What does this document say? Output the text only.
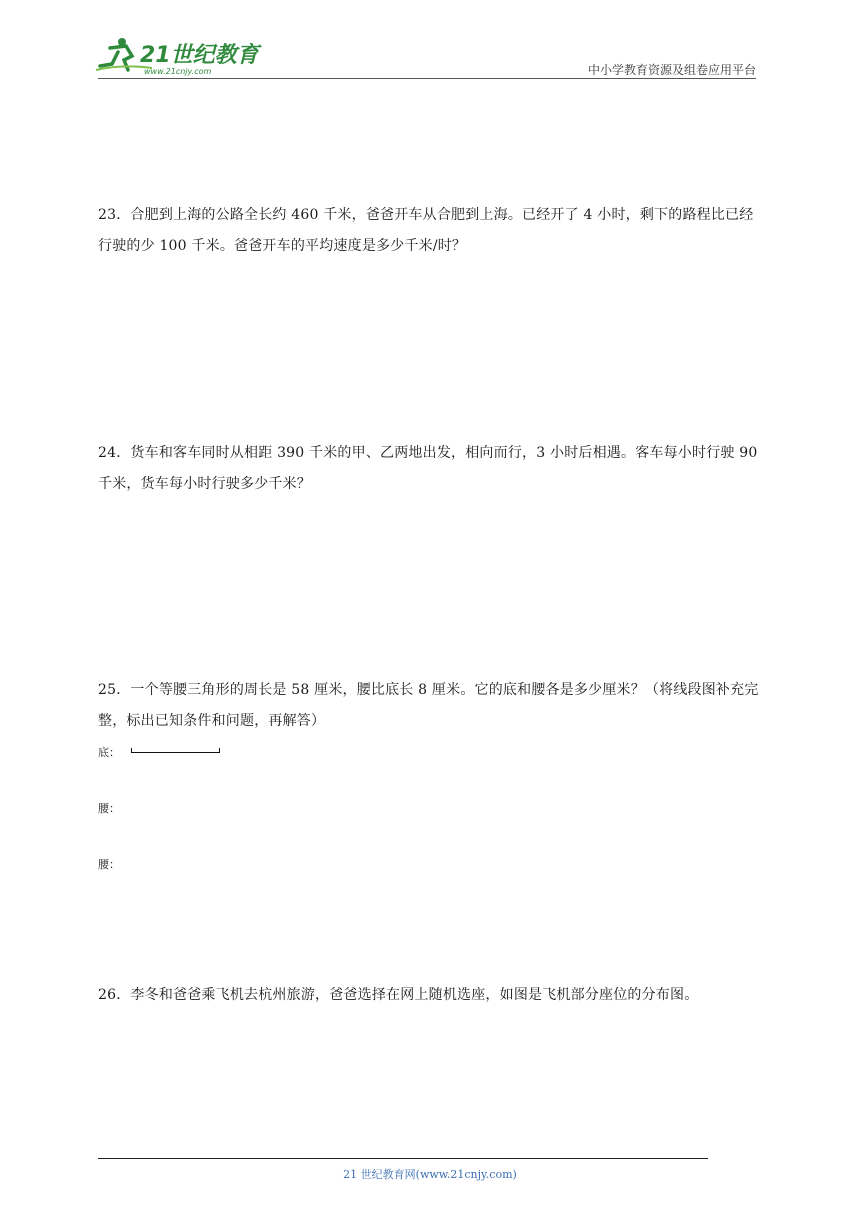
21世纪教育
www.21cnjy.com	中小学教育资源及组卷应用平台
23．合肥到上海的公路全长约 460 千米，爸爸开车从合肥到上海。已经开了 4 小时，剩下的路程比已经行驶的少 100 千米。爸爸开车的平均速度是多少千米/时？
24．货车和客车同时从相距 390 千米的甲、乙两地出发，相向而行，3 小时后相遇。客车每小时行驶 90 千米，货车每小时行驶多少千米？
25．一个等腰三角形的周长是 58 厘米，腰比底长 8 厘米。它的底和腰各是多少厘米？（将线段图补充完整，标出已知条件和问题，再解答）
底：
腰：
腰：
26．李冬和爸爸乘飞机去杭州旅游，爸爸选择在网上随机选座，如图是飞机部分座位的分布图。
21 世纪教育网(www.21cnjy.com)
